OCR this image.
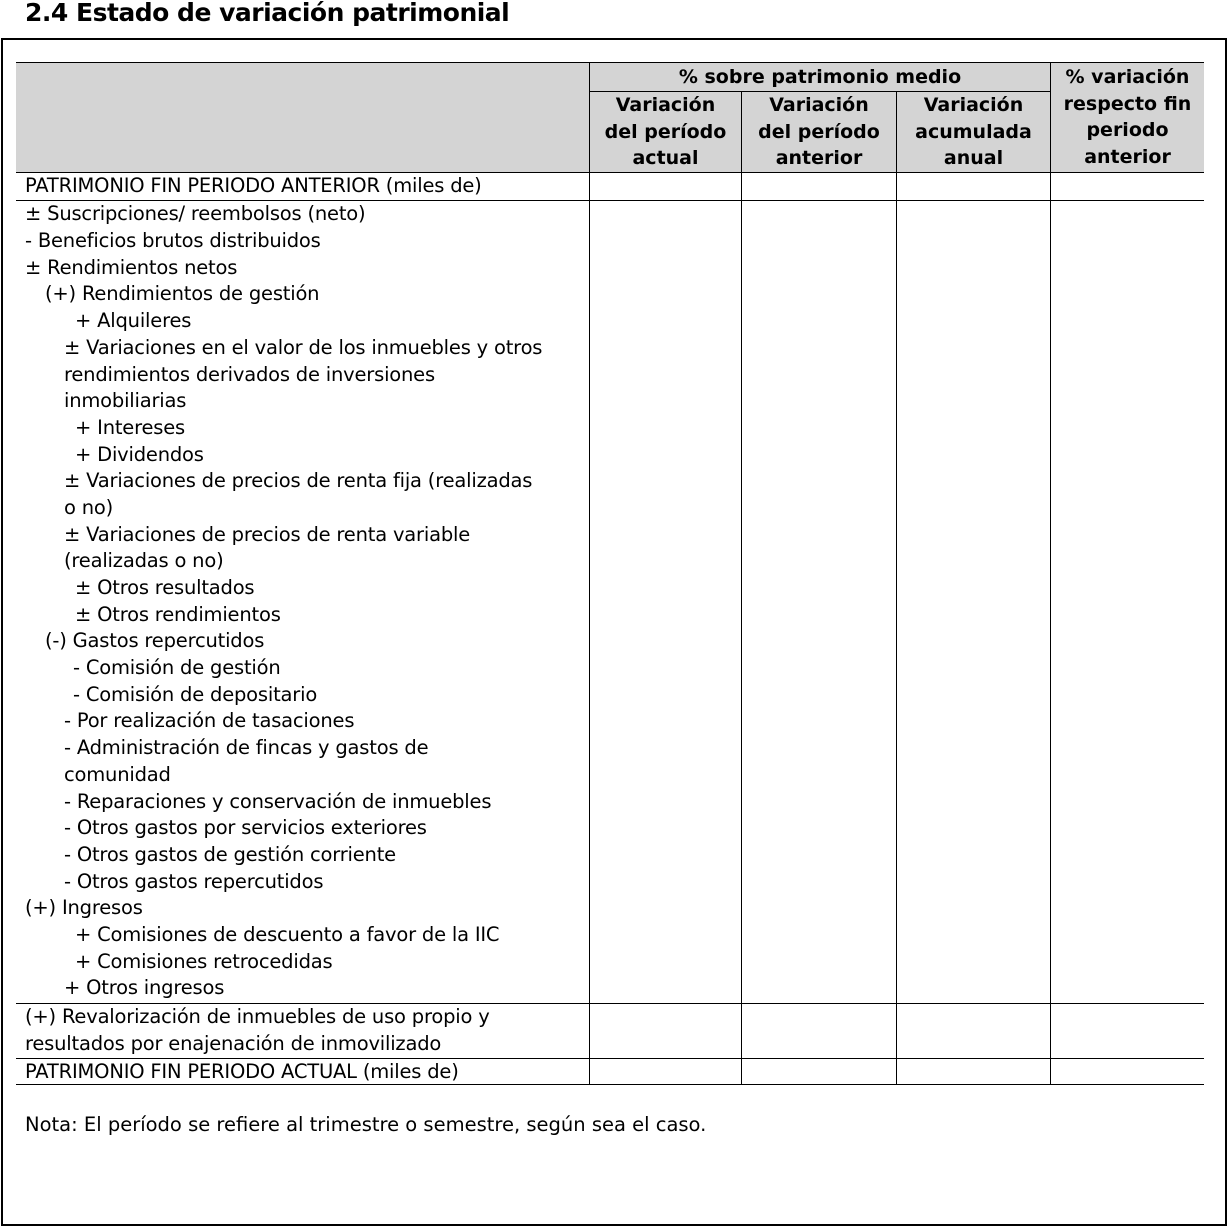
2.4 Estado de variación patrimonial
% sobre patrimonio medio
Variación
del período
actual
Variación
del período
anterior
Variación
acumulada
anual
% variación
respecto fin
periodo
anterior
PATRIMONIO FIN PERIODO ANTERIOR (miles de)
± Suscripciones/ reembolsos (neto)
- Beneficios brutos distribuidos
± Rendimientos netos
(+) Rendimientos de gestión
+ Alquileres
± Variaciones en el valor de los inmuebles y otros
rendimientos derivados de inversiones
inmobiliarias
+ Intereses
+ Dividendos
± Variaciones de precios de renta fija (realizadas
o no)
± Variaciones de precios de renta variable
(realizadas o no)
± Otros resultados
± Otros rendimientos
(-) Gastos repercutidos
- Comisión de gestión
- Comisión de depositario
- Por realización de tasaciones
- Administración de fincas y gastos de
comunidad
- Reparaciones y conservación de inmuebles
- Otros gastos por servicios exteriores
- Otros gastos de gestión corriente
- Otros gastos repercutidos
(+) Ingresos
+ Comisiones de descuento a favor de la IIC
+ Comisiones retrocedidas
+ Otros ingresos
(+) Revalorización de inmuebles de uso propio y
resultados por enajenación de inmovilizado
PATRIMONIO FIN PERIODO ACTUAL (miles de)
Nota: El período se refiere al trimestre o semestre, según sea el caso.
